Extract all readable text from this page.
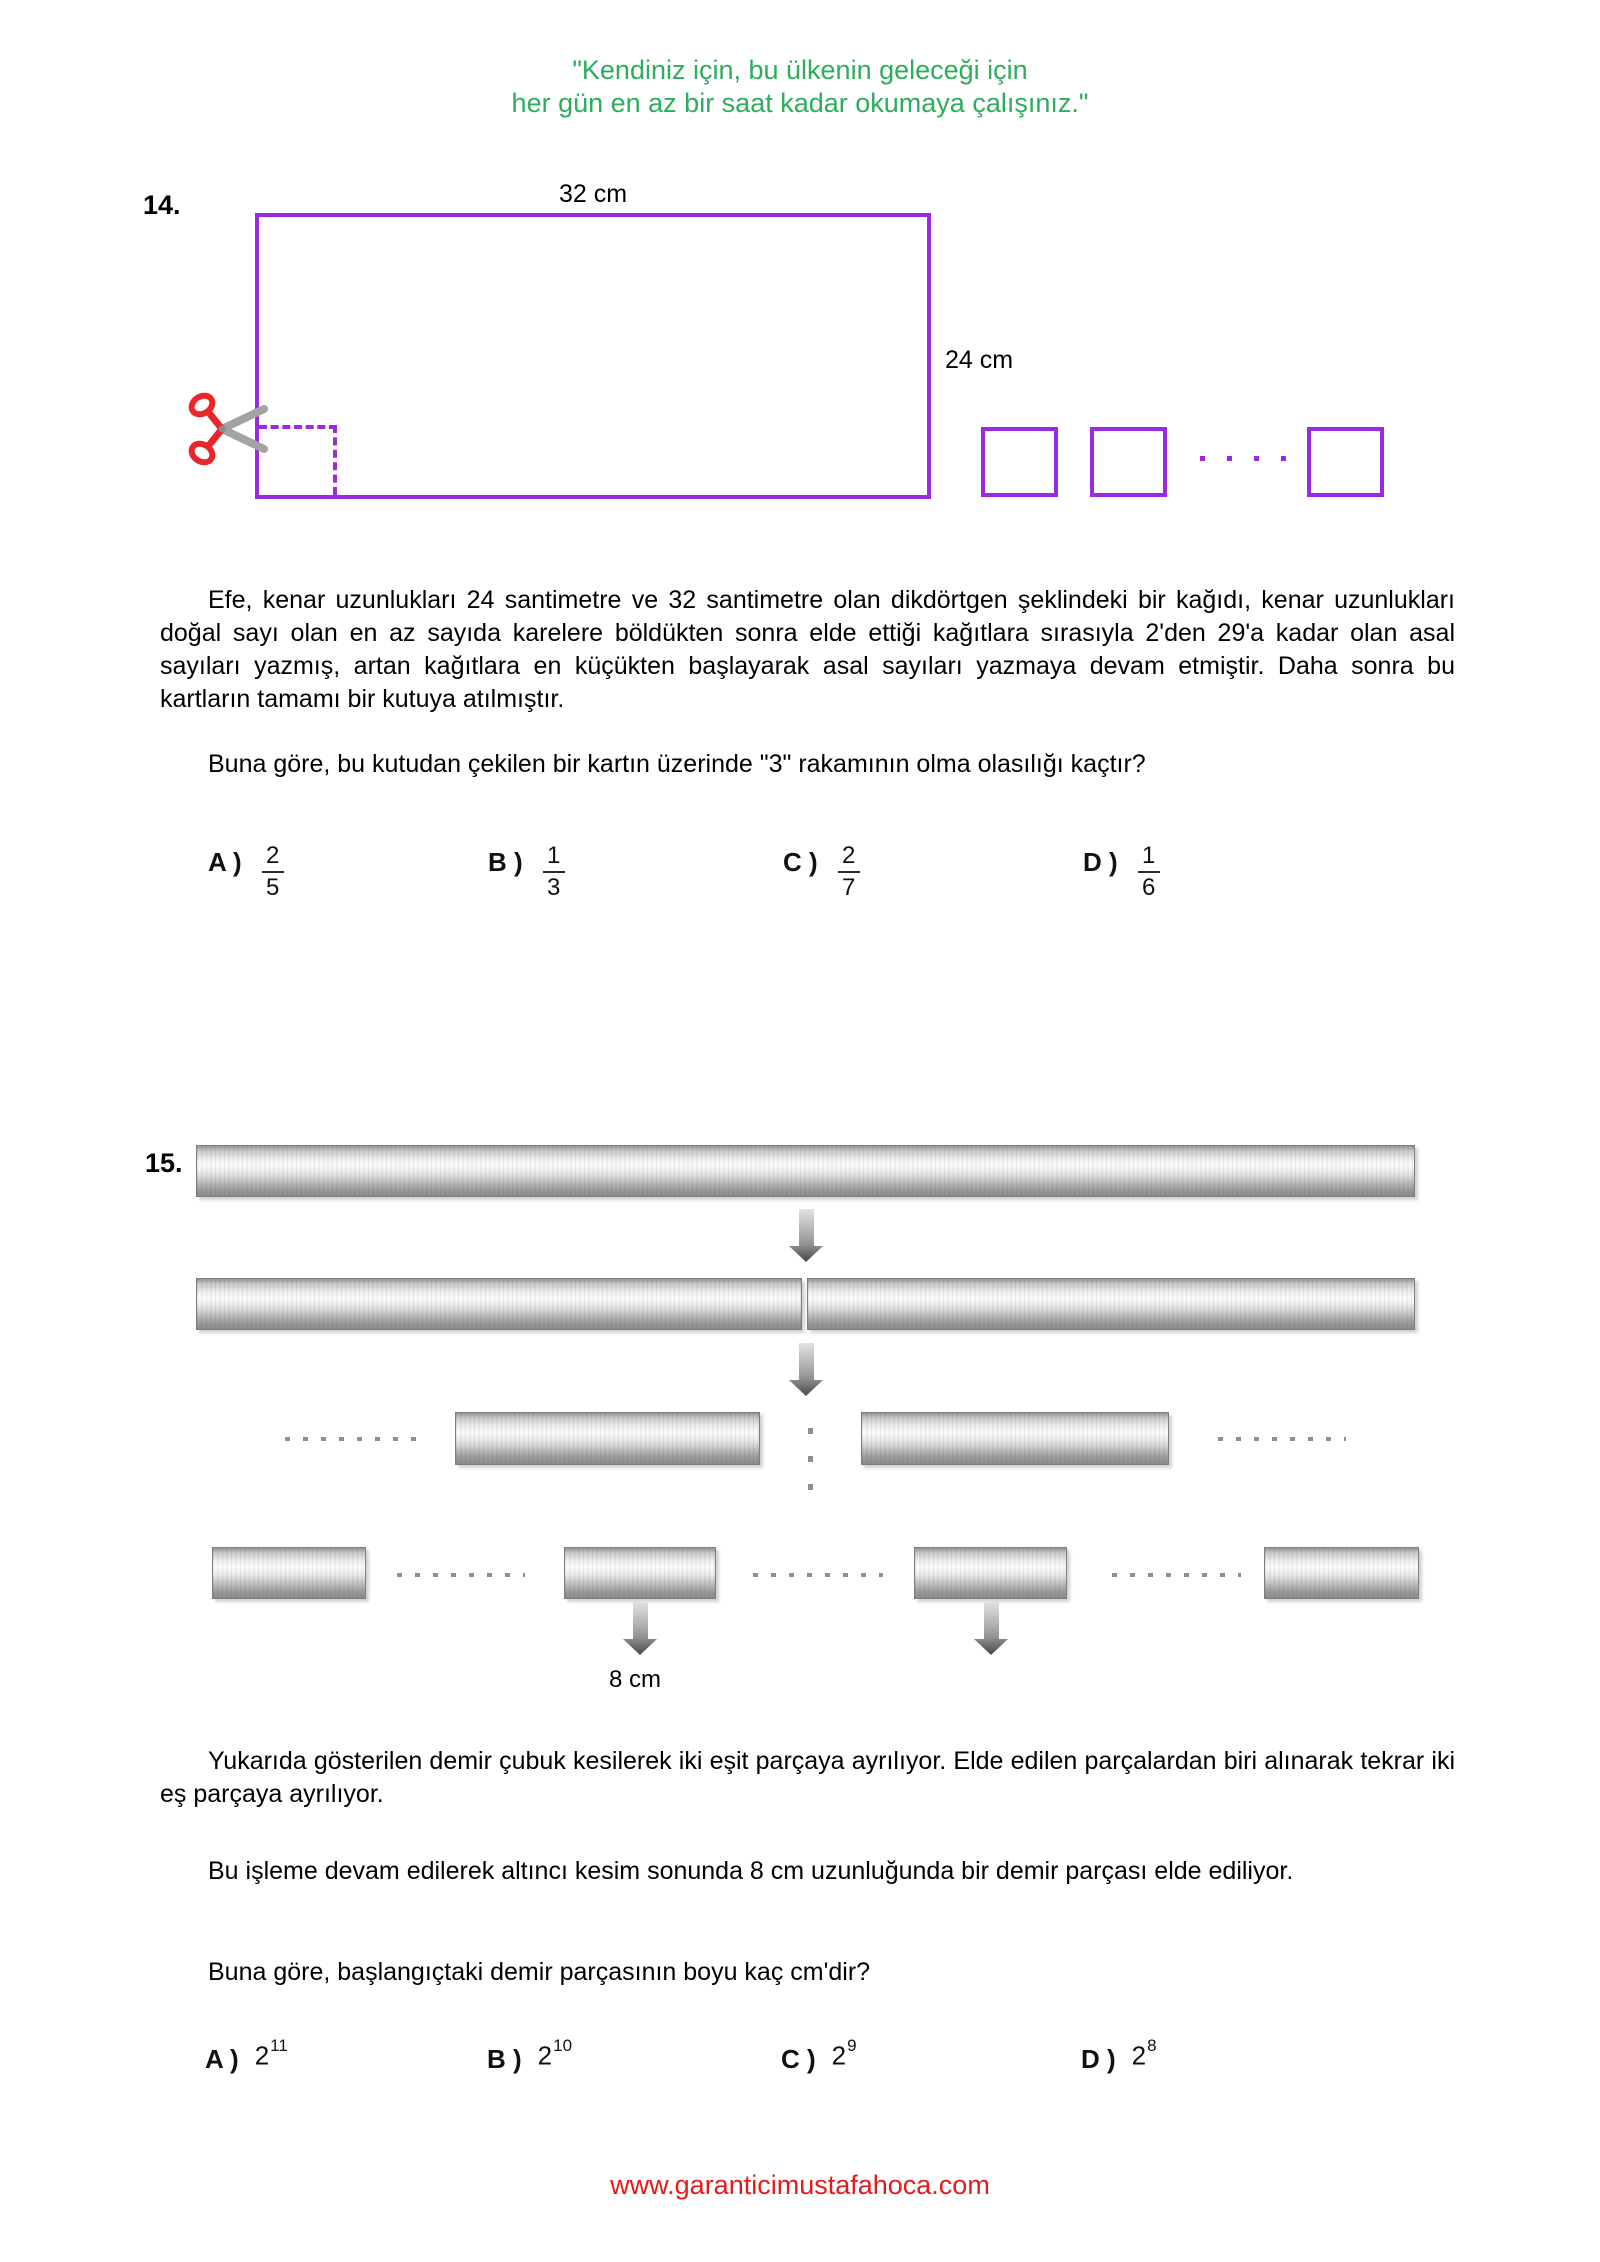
"Kendiniz için, bu ülkenin geleceği için
her gün en az bir saat kadar okumaya çalışınız."
14.	32 cm
24 cm
Efe, kenar uzunlukları 24 santimetre ve 32 santimetre olan dikdörtgen şeklindeki bir kağıdı, kenar uzunlukları doğal sayı olan en az sayıda karelere böldükten sonra elde ettiği kağıtlara sırasıyla 2'den 29'a kadar olan asal sayıları yazmış, artan kağıtlara en küçükten başlayarak asal sayıları yazmaya devam etmiştir. Daha sonra bu kartların tamamı bir kutuya atılmıştır.
Buna göre, bu kutudan çekilen bir kartın üzerinde "3" rakamının olma olasılığı kaçtır?
A ) $\frac{2}{5}$	B ) $\frac{1}{3}$	C ) $\frac{2}{7}$	D ) $\frac{1}{6}$
15.
8 cm
Yukarıda gösterilen demir çubuk kesilerek iki eşit parçaya ayrılıyor. Elde edilen parçalardan biri alınarak tekrar iki eş parçaya ayrılıyor.
Bu işleme devam edilerek altıncı kesim sonunda 8 cm uzunluğunda bir demir parçası elde ediliyor.
Buna göre, başlangıçtaki demir parçasının boyu kaç cm'dir?
A ) $2^{11}$	B ) $2^{10}$	C ) $2^9$	D ) $2^8$
www.garanticimustafahoca.com
